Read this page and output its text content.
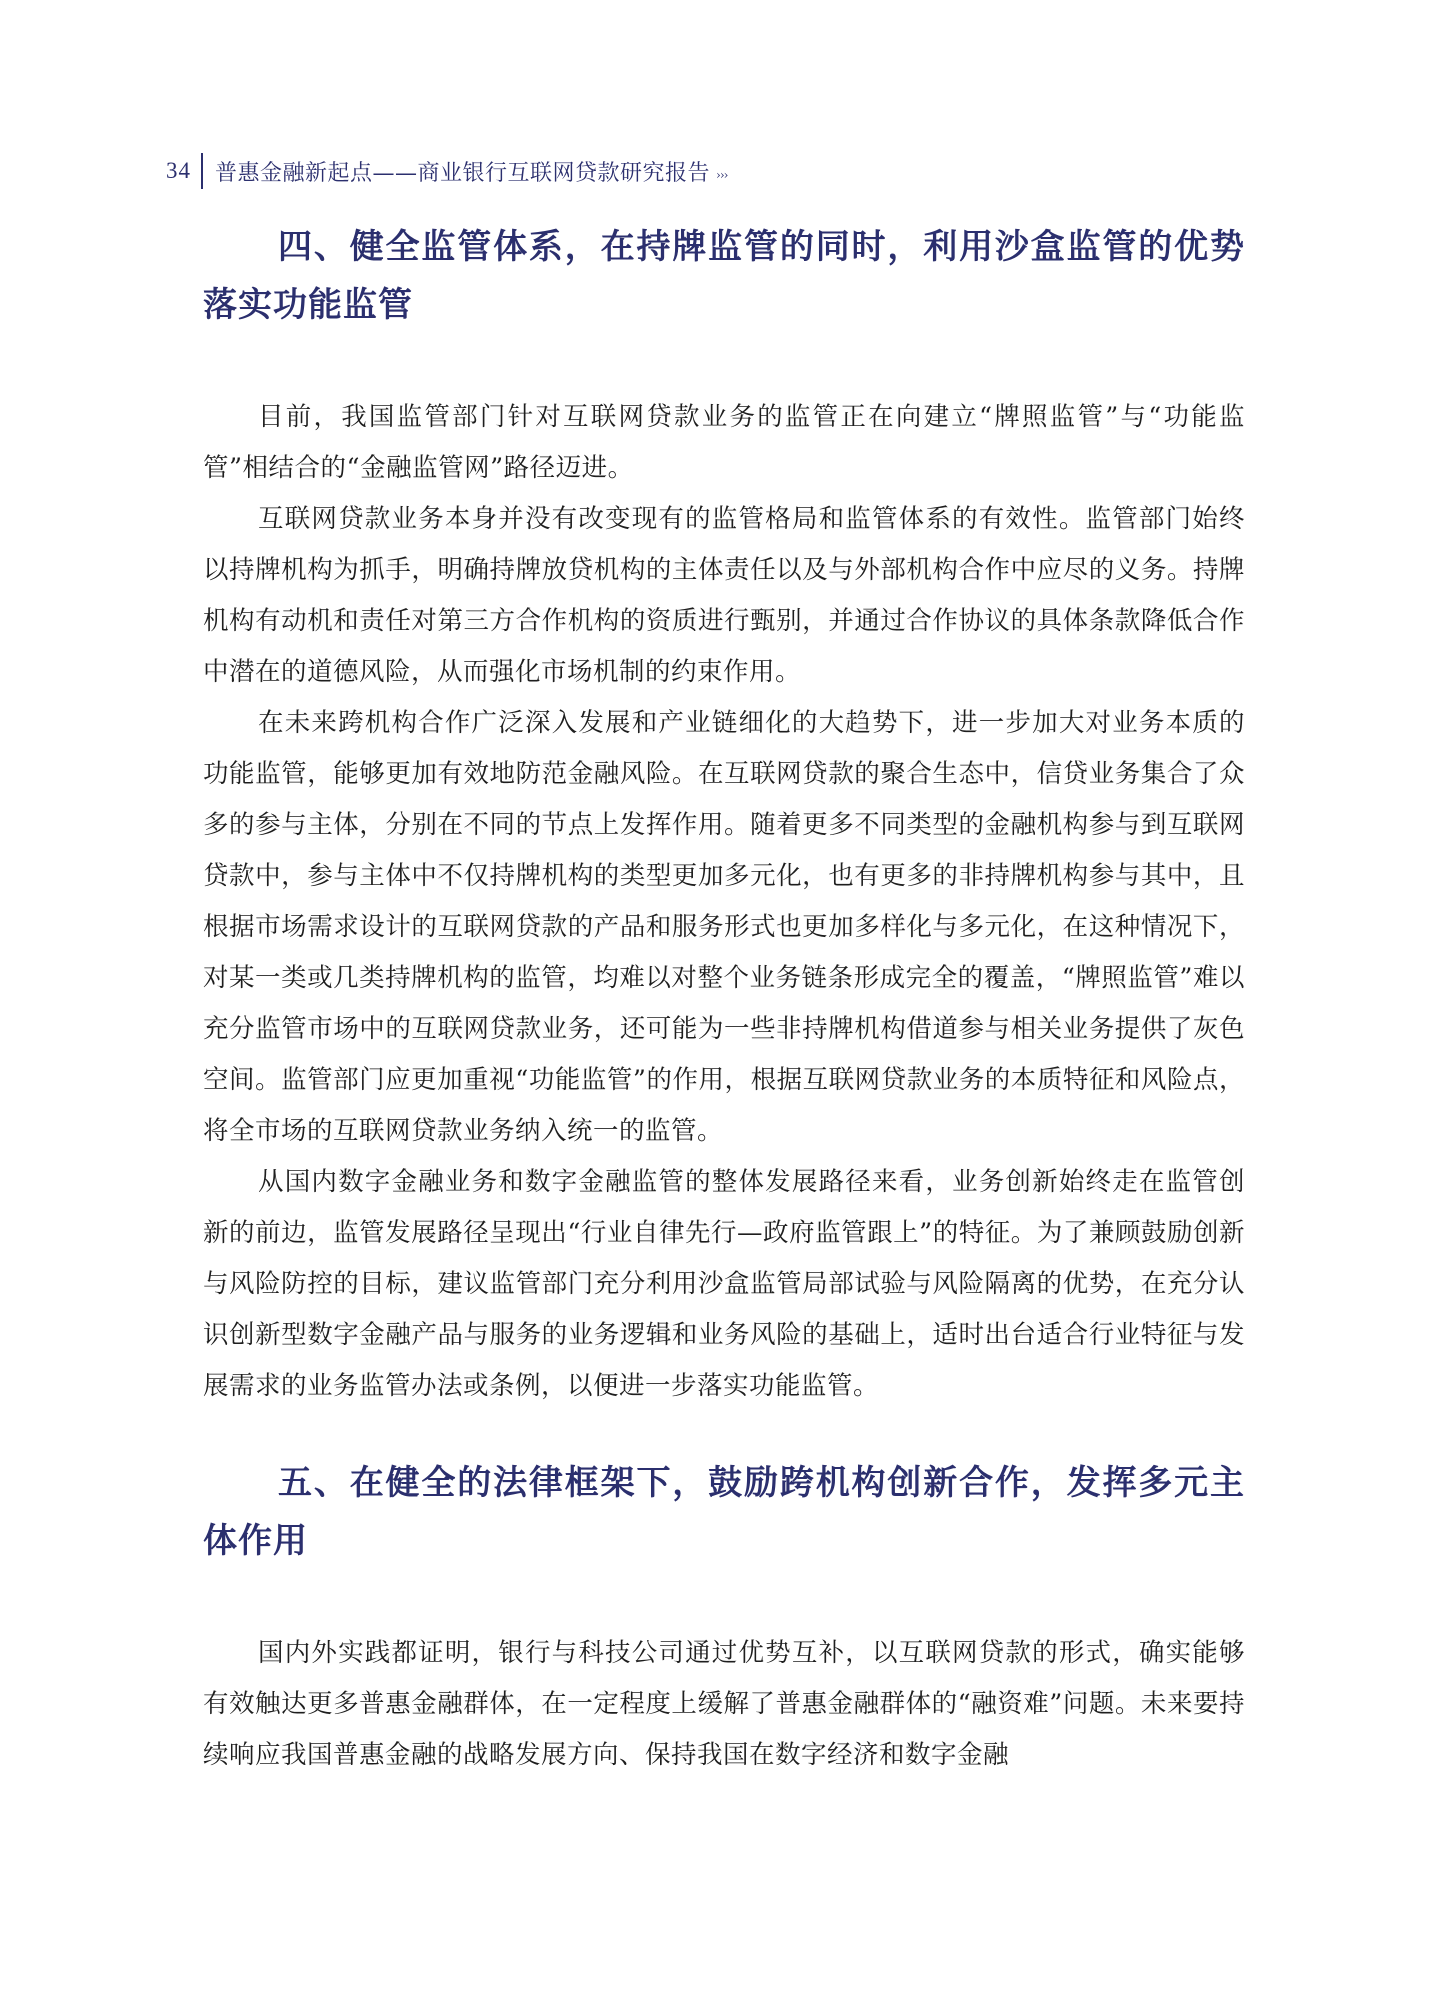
34 普惠金融新起点——商业银行互联网贷款研究报告 ›››
四、健全监管体系，在持牌监管的同时，利用沙盒监管的优势落实功能监管

目前，我国监管部门针对互联网贷款业务的监管正在向建立“牌照监管”与“功能监管”相结合的“金融监管网”路径迈进。

互联网贷款业务本身并没有改变现有的监管格局和监管体系的有效性。监管部门始终以持牌机构为抓手，明确持牌放贷机构的主体责任以及与外部机构合作中应尽的义务。持牌机构有动机和责任对第三方合作机构的资质进行甄别，并通过合作协议的具体条款降低合作中潜在的道德风险，从而强化市场机制的约束作用。

在未来跨机构合作广泛深入发展和产业链细化的大趋势下，进一步加大对业务本质的功能监管，能够更加有效地防范金融风险。在互联网贷款的聚合生态中，信贷业务集合了众多的参与主体，分别在不同的节点上发挥作用。随着更多不同类型的金融机构参与到互联网贷款中，参与主体中不仅持牌机构的类型更加多元化，也有更多的非持牌机构参与其中，且根据市场需求设计的互联网贷款的产品和服务形式也更加多样化与多元化，在这种情况下，对某一类或几类持牌机构的监管，均难以对整个业务链条形成完全的覆盖，“牌照监管”难以充分监管市场中的互联网贷款业务，还可能为一些非持牌机构借道参与相关业务提供了灰色空间。监管部门应更加重视“功能监管”的作用，根据互联网贷款业务的本质特征和风险点，将全市场的互联网贷款业务纳入统一的监管。

从国内数字金融业务和数字金融监管的整体发展路径来看，业务创新始终走在监管创新的前边，监管发展路径呈现出“行业自律先行—政府监管跟上”的特征。为了兼顾鼓励创新与风险防控的目标，建议监管部门充分利用沙盒监管局部试验与风险隔离的优势，在充分认识创新型数字金融产品与服务的业务逻辑和业务风险的基础上，适时出台适合行业特征与发展需求的业务监管办法或条例，以便进一步落实功能监管。

五、在健全的法律框架下，鼓励跨机构创新合作，发挥多元主体作用

国内外实践都证明，银行与科技公司通过优势互补，以互联网贷款的形式，确实能够有效触达更多普惠金融群体，在一定程度上缓解了普惠金融群体的“融资难”问题。未来要持续响应我国普惠金融的战略发展方向、保持我国在数字经济和数字金融
